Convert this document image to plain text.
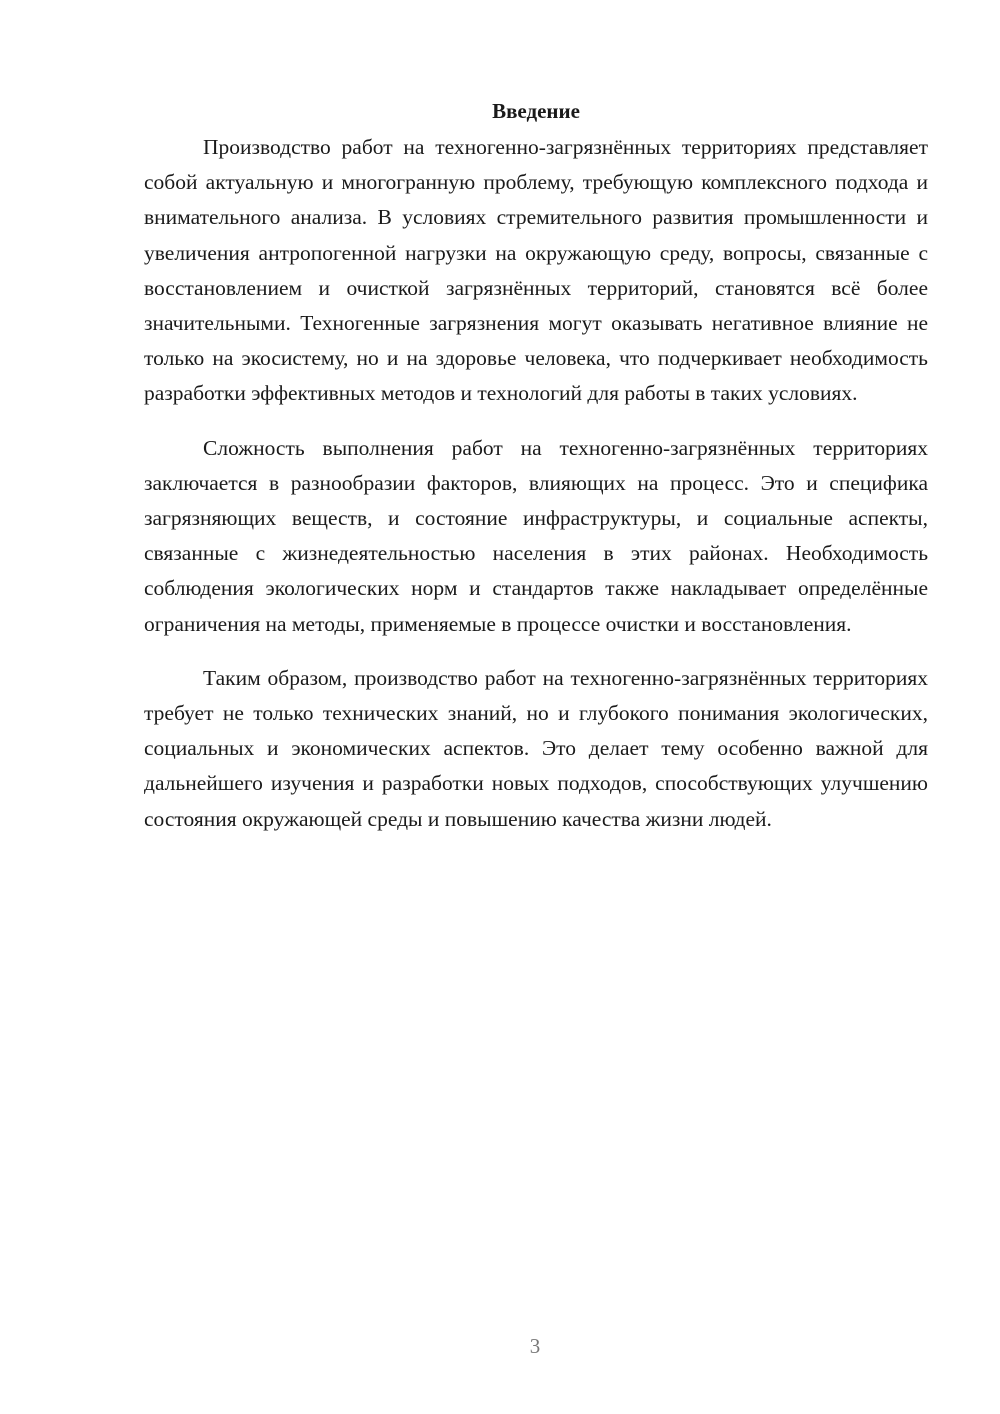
Введение

Производство работ на техногенно-загрязнённых территориях представляет собой актуальную и многогранную проблему, требующую комплексного подхода и внимательного анализа. В условиях стремительного развития промышленности и увеличения антропогенной нагрузки на окружающую среду, вопросы, связанные с восстановлением и очисткой загрязнённых территорий, становятся всё более значительными. Техногенные загрязнения могут оказывать негативное влияние не только на экосистему, но и на здоровье человека, что подчеркивает необходимость разработки эффективных методов и технологий для работы в таких условиях.

Сложность выполнения работ на техногенно-загрязнённых территориях заключается в разнообразии факторов, влияющих на процесс. Это и специфика загрязняющих веществ, и состояние инфраструктуры, и социальные аспекты, связанные с жизнедеятельностью населения в этих районах. Необходимость соблюдения экологических норм и стандартов также накладывает определённые ограничения на методы, применяемые в процессе очистки и восстановления.

Таким образом, производство работ на техногенно-загрязнённых территориях требует не только технических знаний, но и глубокого понимания экологических, социальных и экономических аспектов. Это делает тему особенно важной для дальнейшего изучения и разработки новых подходов, способствующих улучшению состояния окружающей среды и повышению качества жизни людей.

3
